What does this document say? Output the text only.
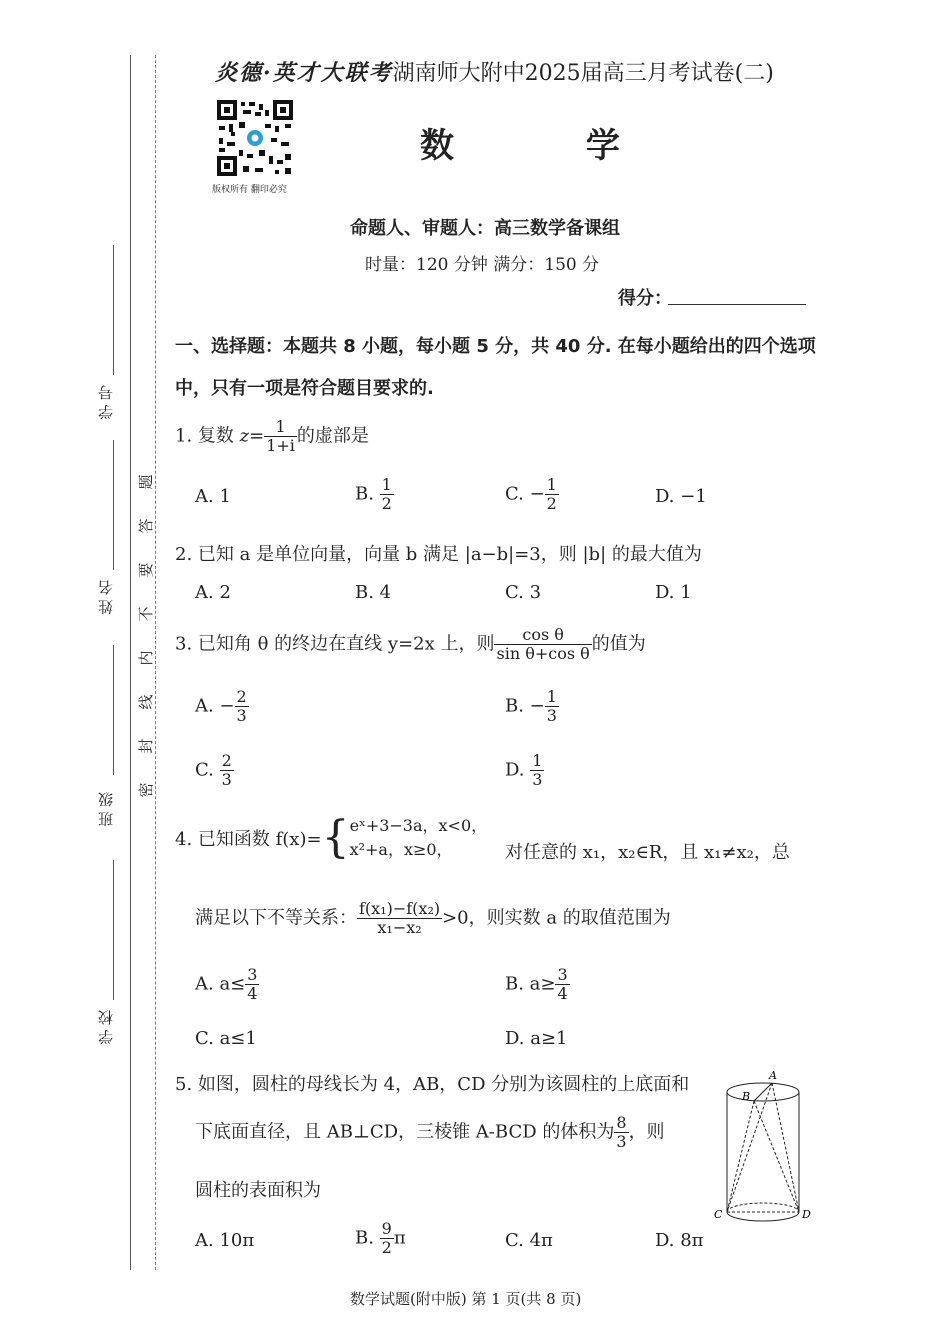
学 号
姓 名
班 级
学 校
题
答
要
不
内
线
封
密
炎德·英才大联考湖南师大附中2025届高三月考试卷(二)
版权所有 翻印必究
数 学
命题人、审题人：高三数学备课组
时量：120 分钟 满分：150 分
得分：
一、选择题：本题共 8 小题，每小题 5 分，共 40 分. 在每小题给出的四个选项中，只有一项是符合题目要求的.
1. 复数 $z= \frac{1}{1+i}$ 的虚部是
A. 1	B. $\frac{1}{2}$	C. − $\frac{1}{2}$	D. −1
2. 已知 a 是单位向量，向量 b 满足 |a−b|=3，则 |b| 的最大值为
A. 2	B. 4	C. 3	D. 1
3. 已知角 θ 的终边在直线 y=2x 上，则 $\frac{\text{cos θ}}{\text{sin θ+cos θ}}$ 的值为
A. − $\frac{2}{3}$	B. − $\frac{1}{3}$
C. $\frac{2}{3}$	D. $\frac{1}{3}$
4. 已知函数 f(x)={ eˣ+3−3a，x<0，
x²+a，x≥0，	对任意的 x₁，x₂∈R，且 x₁≠x₂，总
满足以下不等关系： $\frac{\text{f(x₁)−f(x₂)}}{\text{x₁−x₂}} >0$，则实数 a 的取值范围为
A. $a\le \frac{3}{4}$	B. $a\ge \frac{3}{4}$
C. a≤1	D. a≥1
5. 如图，圆柱的母线长为 4，AB，CD 分别为该圆柱的上底面和
下底面直径，且 AB⊥CD，三棱锥 A-BCD 的体积为 $\frac{8}{3}$ ，则
圆柱的表面积为
A
B
C	D
A. 10π	B. $\frac{9}{2}$ π	C. 4π	D. 8π
数学试题(附中版) 第 1 页(共 8 页)
